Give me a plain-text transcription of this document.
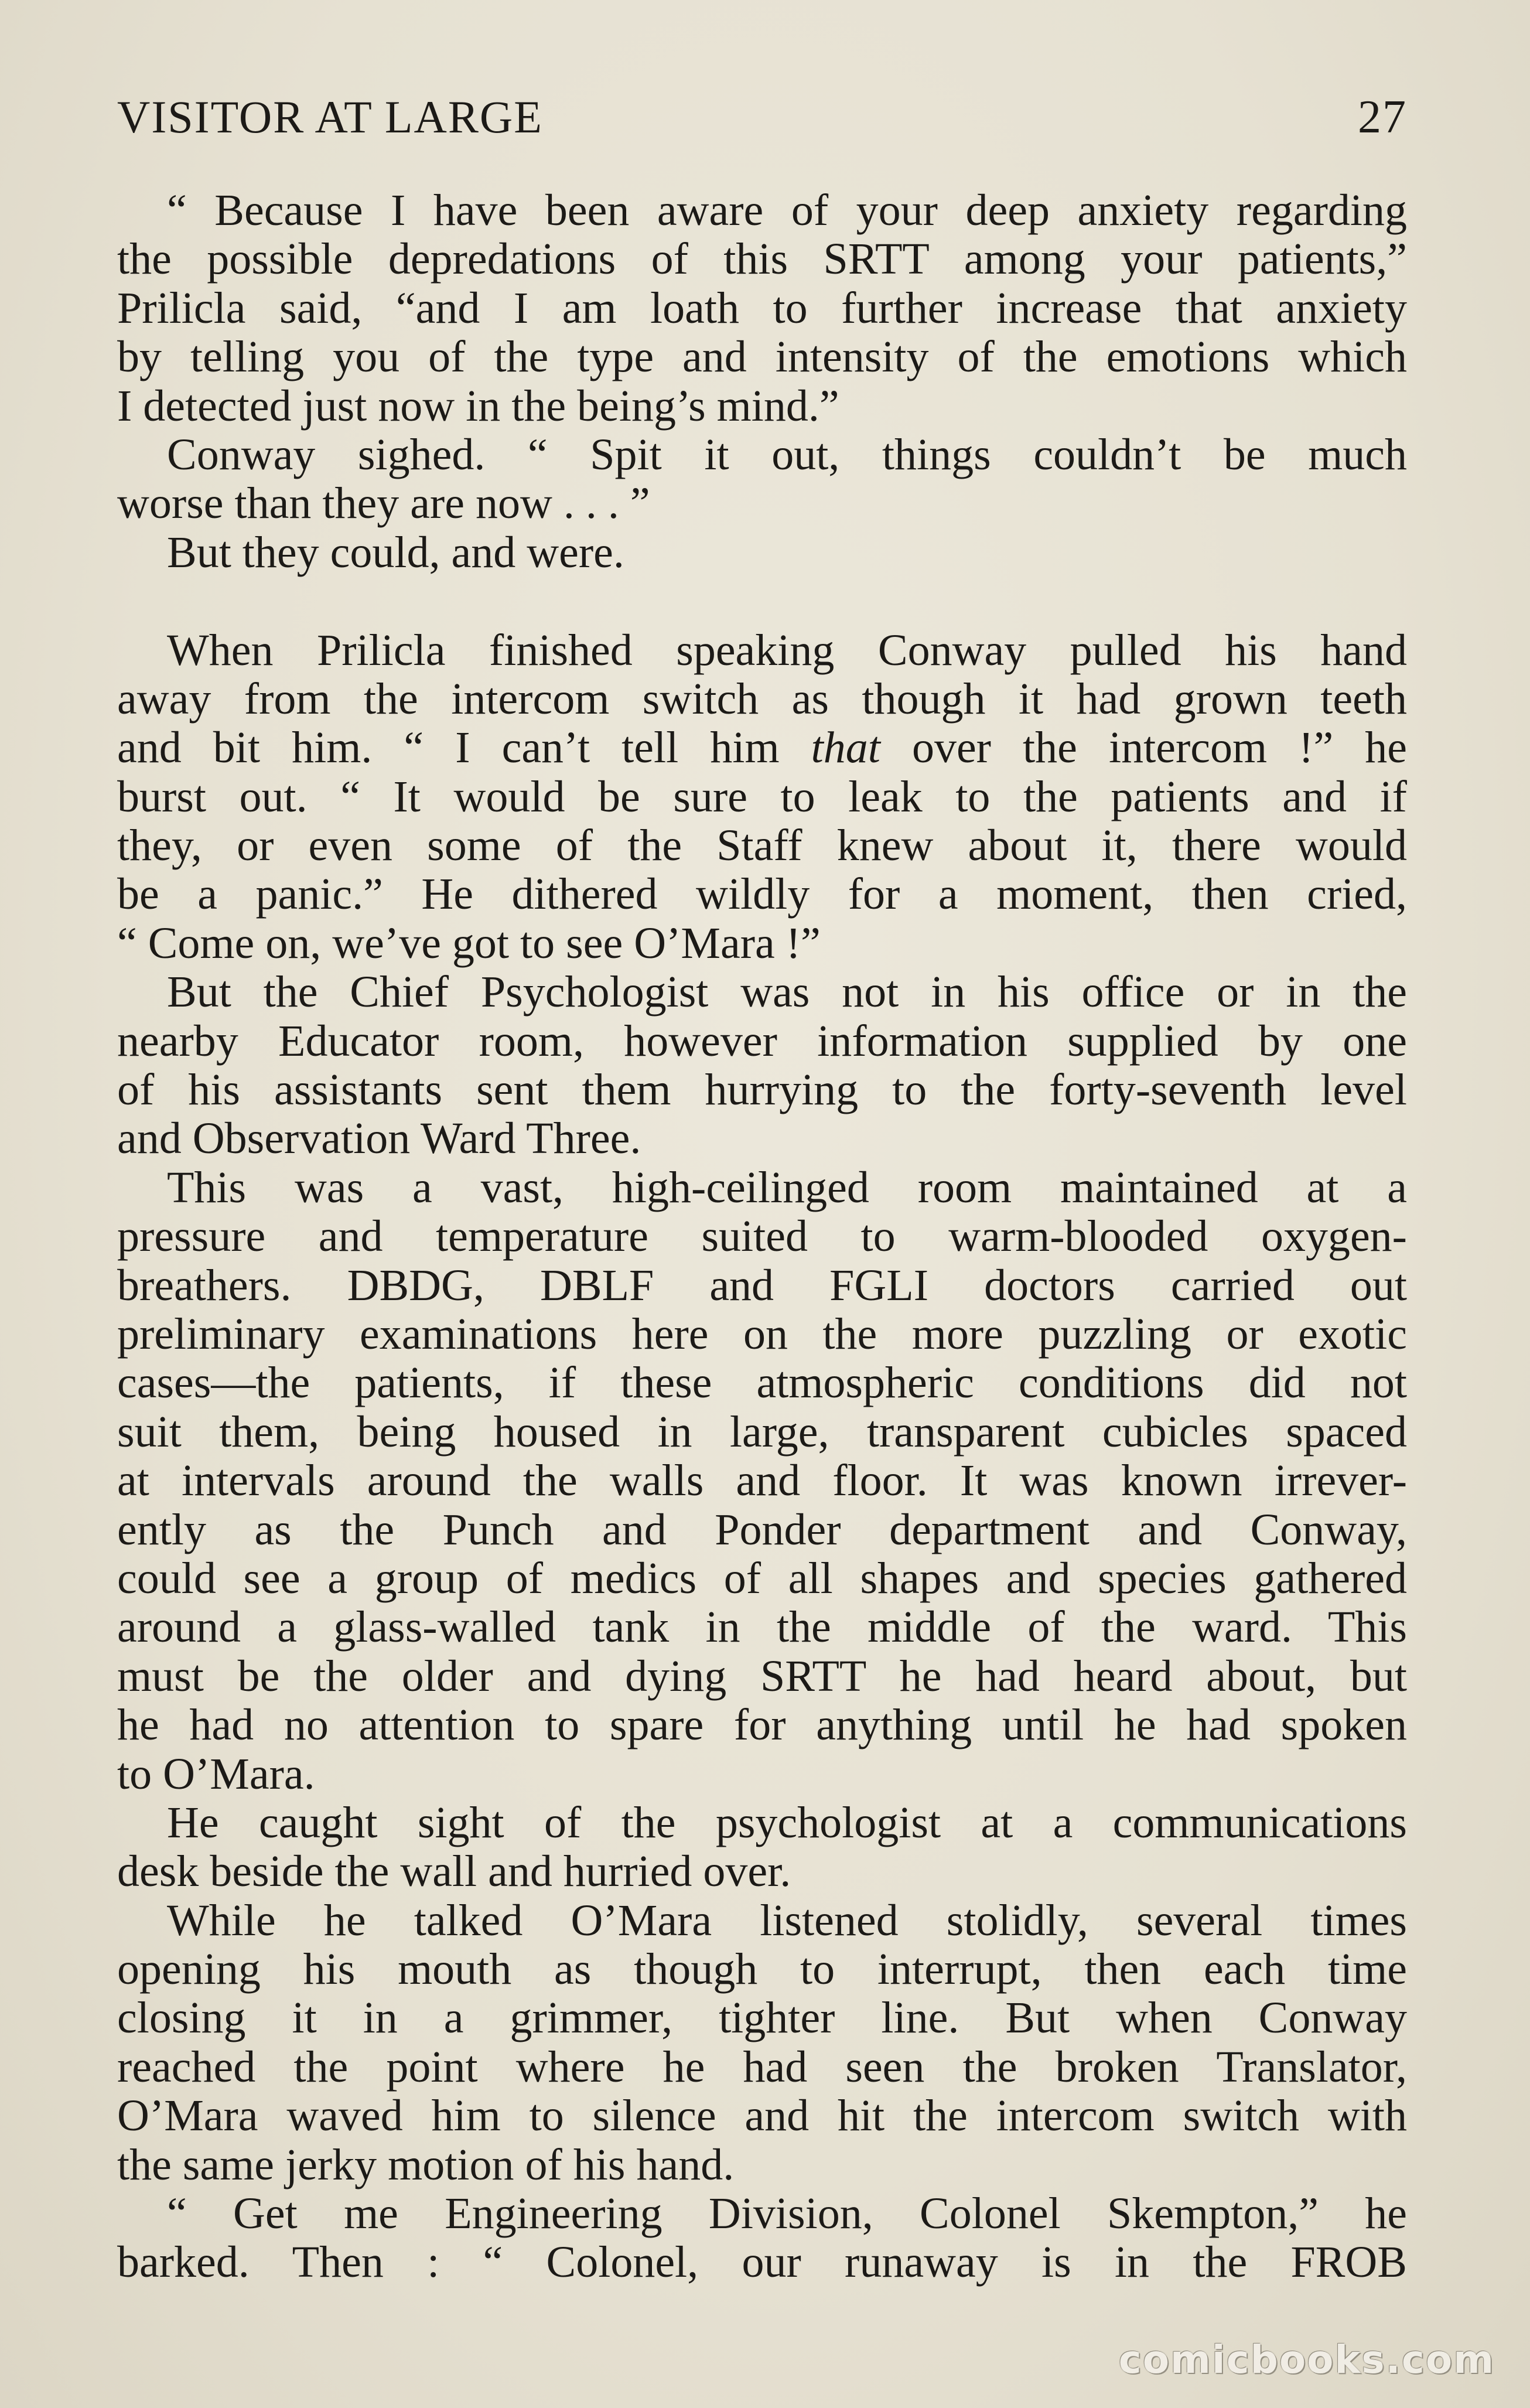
VISITOR AT LARGE	27
“ Because I have been aware of your deep anxiety regarding
the possible depredations of this SRTT among your patients,”
Prilicla said, “and I am loath to further increase that anxiety
by telling you of the type and intensity of the emotions which
I detected just now in the being’s mind.”
Conway sighed. “ Spit it out, things couldn’t be much
worse than they are now . . . ”
But they could, and were.
When Prilicla finished speaking Conway pulled his hand
away from the intercom switch as though it had grown teeth
and bit him. “ I can’t tell him that over the intercom !” he
burst out. “ It would be sure to leak to the patients and if
they, or even some of the Staff knew about it, there would
be a panic.” He dithered wildly for a moment, then cried,
“ Come on, we’ve got to see O’Mara !”
But the Chief Psychologist was not in his office or in the
nearby Educator room, however information supplied by one
of his assistants sent them hurrying to the forty-seventh level
and Observation Ward Three.
This was a vast, high-ceilinged room maintained at a
pressure and temperature suited to warm-blooded oxygen-
breathers. DBDG, DBLF and FGLI doctors carried out
preliminary examinations here on the more puzzling or exotic
cases—the patients, if these atmospheric conditions did not
suit them, being housed in large, transparent cubicles spaced
at intervals around the walls and floor. It was known irrever-
ently as the Punch and Ponder department and Conway,
could see a group of medics of all shapes and species gathered
around a glass-walled tank in the middle of the ward. This
must be the older and dying SRTT he had heard about, but
he had no attention to spare for anything until he had spoken
to O’Mara.
He caught sight of the psychologist at a communications
desk beside the wall and hurried over.
While he talked O’Mara listened stolidly, several times
opening his mouth as though to interrupt, then each time
closing it in a grimmer, tighter line. But when Conway
reached the point where he had seen the broken Translator,
O’Mara waved him to silence and hit the intercom switch with
the same jerky motion of his hand.
“ Get me Engineering Division, Colonel Skempton,” he
barked. Then : “ Colonel, our runaway is in the FROB
comicbooks.com
